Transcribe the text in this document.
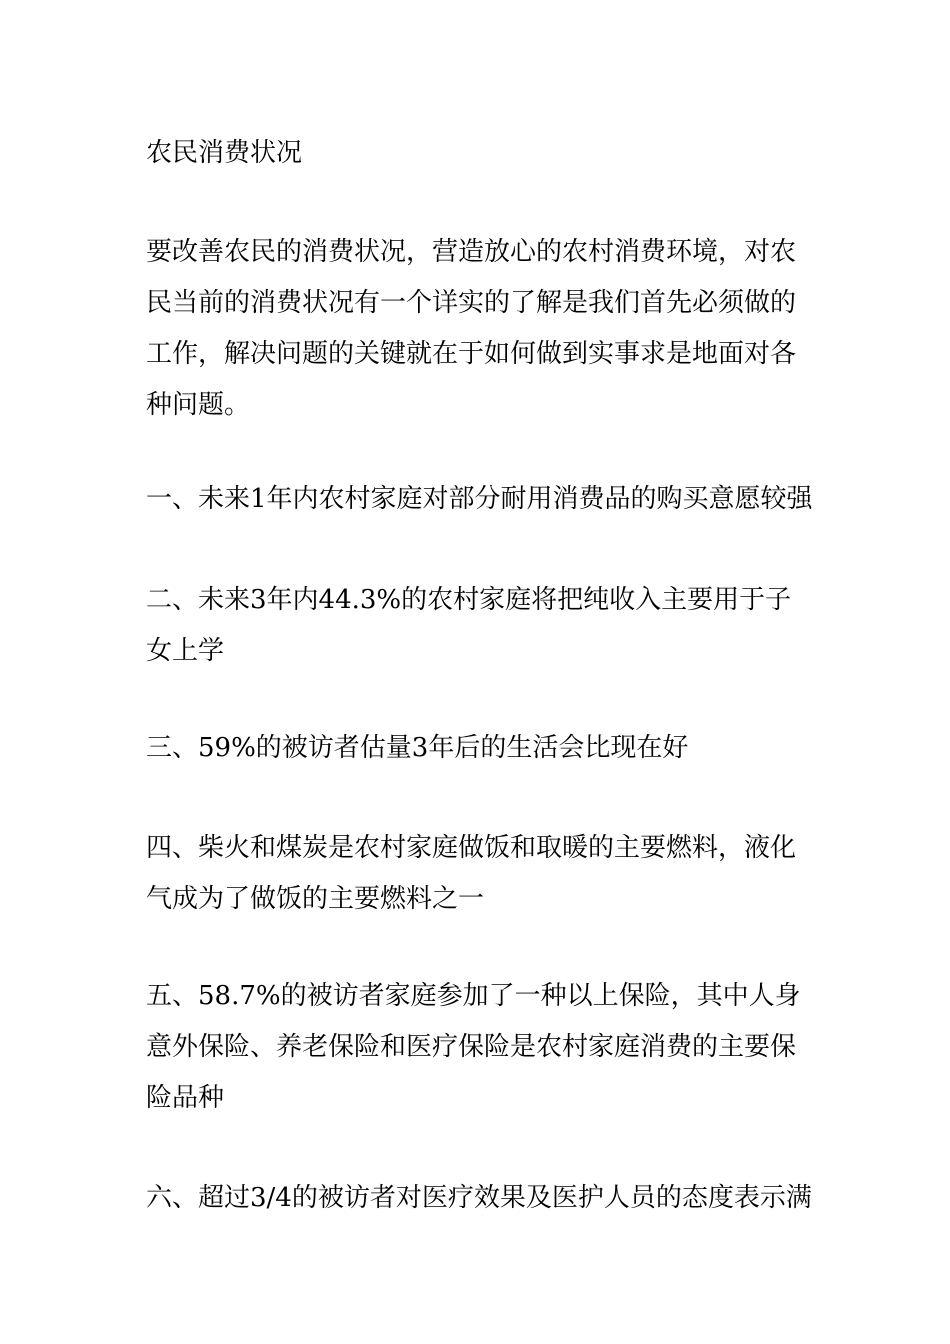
农民消费状况

要改善农民的消费状况，营造放心的农村消费环境，对农民当前的消费状况有一个详实的了解是我们首先必须做的工作，解决问题的关键就在于如何做到实事求是地面对各种问题。

一、未来1年内农村家庭对部分耐用消费品的购买意愿较强

二、未来3年内44.3%的农村家庭将把纯收入主要用于子女上学

三、59%的被访者估量3年后的生活会比现在好

四、柴火和煤炭是农村家庭做饭和取暖的主要燃料，液化气成为了做饭的主要燃料之一

五、58.7%的被访者家庭参加了一种以上保险，其中人身意外保险、养老保险和医疗保险是农村家庭消费的主要保险品种

六、超过3/4的被访者对医疗效果及医护人员的态度表示满
